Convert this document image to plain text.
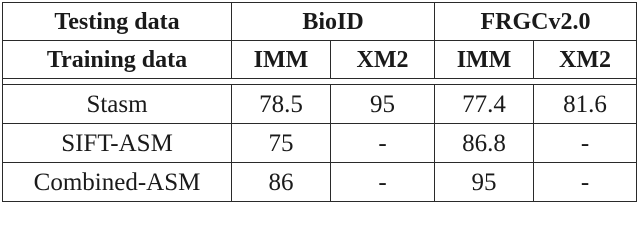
Testing data	BioID		FRGCv2.0	
Training data	IMM	XM2	IMM	XM2

Stasm	78.5	95	77.4	81.6
SIFT-ASM	75	-	86.8	-
Combined-ASM	86	-	95	-
